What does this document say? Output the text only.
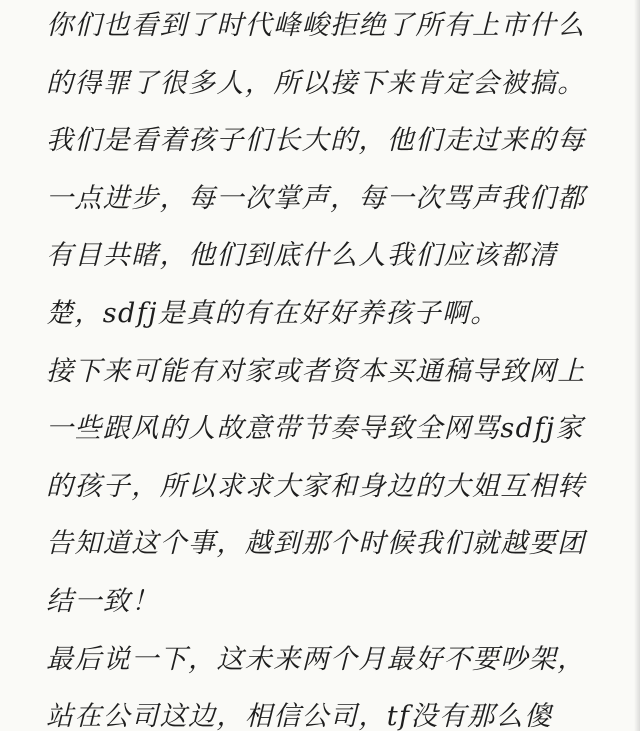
你们也看到了时代峰峻拒绝了所有上市什么
的得罪了很多人，所以接下来肯定会被搞。
我们是看着孩子们长大的，他们走过来的每
一点进步，每一次掌声，每一次骂声我们都
有目共睹，他们到底什么人我们应该都清
楚，sdfj是真的有在好好养孩子啊。
接下来可能有对家或者资本买通稿导致网上
一些跟风的人故意带节奏导致全网骂sdfj家
的孩子，所以求求大家和身边的大姐互相转
告知道这个事，越到那个时候我们就越要团
结一致！
最后说一下，这未来两个月最好不要吵架，
站在公司这边，相信公司，tf没有那么傻
